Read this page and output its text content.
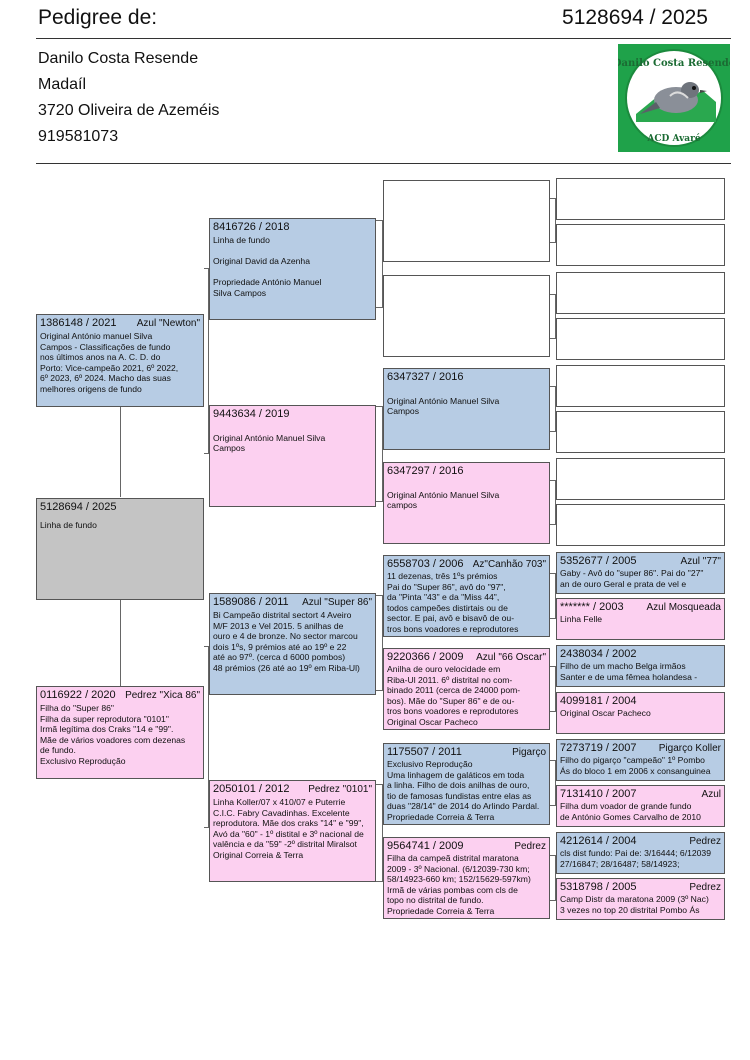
Pedigree de:	5128694 / 2025
Danilo Costa Resende
Madaíl
3720 Oliveira de Azeméis
919581073
Danilo Costa Resende
ACD Avaré
5128694 / 2025
Linha de fundo
Azul "Newton"
1386148 / 2021
Original António manuel Silva
Campos - Classificações de fundo
nos últimos anos na A. C. D. do
Porto: Vice-campeão 2021, 6º 2022,
6º 2023, 6º 2024. Macho das suas
melhores origens de fundo
Pedrez "Xica 86"
0116922 / 2020
Filha do "Super 86"
Filha da super reprodutora "0101"
Irmã legítima dos Craks "14 e "99".
Mãe de vários voadores com dezenas
de fundo.
Exclusivo Reprodução
8416726 / 2018
Linha de fundo

Original David da Azenha

Propriedade António Manuel
Silva Campos
9443634 / 2019

Original António Manuel Silva
Campos
Azul "Super 86"
1589086 / 2011
Bi Campeão distrital sectort 4 Aveiro
M/F 2013 e Vel 2015. 5 anilhas de
ouro e 4 de bronze. No sector marcou
dois 1ºs, 9 prémios até ao 19º e 22
até ao 97º. (cerca d 6000 pombos)
48 prémios (26 até ao 19º em Riba-Ul)
Pedrez "0101"
2050101 / 2012
Linha Koller/07 x 410/07 e Puterrie
C.I.C. Fabry Cavadinhas. Excelente
reprodutora. Mãe dos craks "14" e "99",
Avó da "60" - 1º distital e 3º nacional de
valência e da "59" -2º distrital Miralsot
Original Correia & Terra
6347327 / 2016

Original António Manuel Silva
Campos
6347297 / 2016

Original António Manuel Silva
campos
Az"Canhão 703"
6558703 / 2006
11 dezenas, três 1ºs prémios
Pai do "Super 86", avô do "97",
da "Pinta "43" e da "Miss 44",
todos campeões distirtais ou de
sector. E pai, avô e bisavô de ou-
tros bons voadores e reprodutores
Azul "66 Oscar"
9220366 / 2009
Anilha de ouro velocidade em
Riba-Ul 2011. 6º distrital no com-
binado 2011 (cerca de 24000 pom-
bos). Mãe do "Super 86" e de ou-
tros bons voadores e reprodutores
Original Oscar Pacheco
Pigarço
1175507 / 2011
Exclusivo Reprodução
Uma linhagem de galáticos em toda
a linha. Filho de dois anilhas de ouro,
tio de famosas fundistas entre elas as
duas "28/14" de 2014 do Arlindo Pardal.
Propriedade Correia & Terra
Pedrez
9564741 / 2009
Filha da campeã distrital maratona
2009 - 3º Nacional. (6/12039-730 km;
58/14923-660 km; 152/15629-597km)
Irmã de várias pombas com cls de
topo no distrital de fundo.
Propriedade Correia & Terra
Azul "77"
5352677 / 2005
Gaby - Avô do "super 86". Pai do "27"
an de ouro Geral e prata de vel e
Azul Mosqueada
******* / 2003
Linha Felle
2438034 / 2002
Filho de um macho Belga irmãos
Santer e de uma fêmea holandesa -
4099181 / 2004
Original Oscar Pacheco
Pigarço Koller
7273719 / 2007
Filho do pigarço "campeão" 1º Pombo
Ás do bloco 1 em 2006 x consanguinea
Azul
7131410 / 2007
Filha dum voador de grande fundo
de António Gomes Carvalho de 2010
Pedrez
4212614 / 2004
cls dist fundo: Pai de: 3/16444; 6/12039
27/16847; 28/16487; 58/14923;
Pedrez
5318798 / 2005
Camp Distr da maratona 2009 (3º Nac)
3 vezes no top 20 distrital Pombo Ás
